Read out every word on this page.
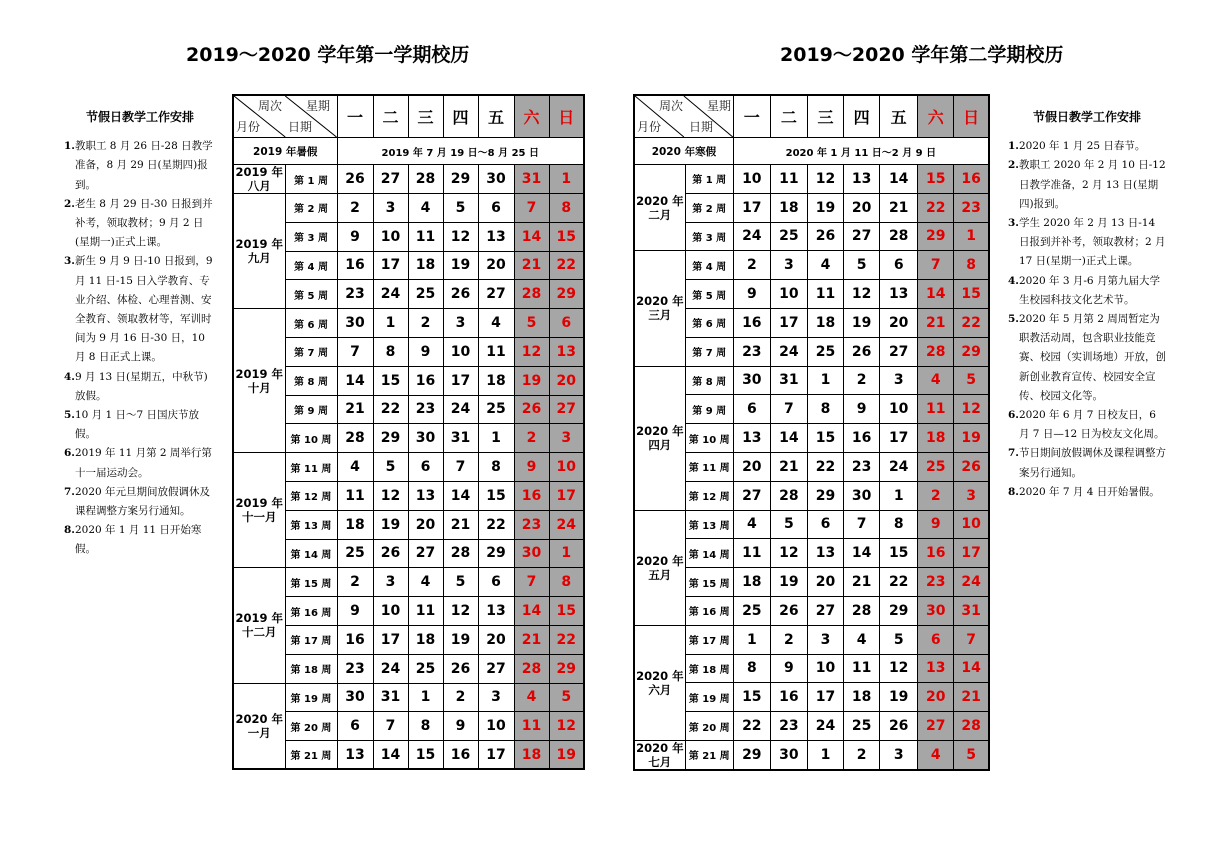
2019～2020 学年第一学期校历
节假日教学工作安排
1. 教职工 8 月 26 日-28 日教学准备，8 月 29 日(星期四)报到。
2. 老生 8 月 29 日-30 日报到并补考，领取教材；9 月 2 日(星期一)正式上课。
3. 新生 9 月 9 日-10 日报到，9 月 11 日-15 日入学教育、专业介绍、体检、心理普测、安全教育、领取教材等，军训时间为 9 月 16 日-30 日，10 月 8 日正式上课。
4. 9 月 13 日(星期五，中秋节)放假。
5. 10 月 1 日～7 日国庆节放假。
6. 2019 年 11 月第 2 周举行第十一届运动会。
7. 2020 年元旦期间放假调休及课程调整方案另行通知。
8. 2020 年 1 月 11 日开始寒假。
周次 星期
月份 日期		一	二	三	四	五	六	日
2019 年暑假		2019 年 7 月 19 日～8 月 25 日						
2019 年八月	第 1 周	26	27	28	29	30	31	1
2019 年九月	第 2 周	2	3	4	5	6	7	8
	第 3 周	9	10	11	12	13	14	15
	第 4 周	16	17	18	19	20	21	22
	第 5 周	23	24	25	26	27	28	29
2019 年十月	第 6 周	30	1	2	3	4	5	6
	第 7 周	7	8	9	10	11	12	13
	第 8 周	14	15	16	17	18	19	20
	第 9 周	21	22	23	24	25	26	27
	第 10 周	28	29	30	31	1	2	3
2019 年十一月	第 11 周	4	5	6	7	8	9	10
	第 12 周	11	12	13	14	15	16	17
	第 13 周	18	19	20	21	22	23	24
	第 14 周	25	26	27	28	29	30	1
2019 年十二月	第 15 周	2	3	4	5	6	7	8
	第 16 周	9	10	11	12	13	14	15
	第 17 周	16	17	18	19	20	21	22
	第 18 周	23	24	25	26	27	28	29
2020 年一月	第 19 周	30	31	1	2	3	4	5
	第 20 周	6	7	8	9	10	11	12
	第 21 周	13	14	15	16	17	18	19
2019～2020 学年第二学期校历
周次 星期
月份 日期		一	二	三	四	五	六	日
2020 年寒假		2020 年 1 月 11 日～2 月 9 日						
2020 年二月	第 1 周	10	11	12	13	14	15	16
	第 2 周	17	18	19	20	21	22	23
	第 3 周	24	25	26	27	28	29	1
2020 年三月	第 4 周	2	3	4	5	6	7	8
	第 5 周	9	10	11	12	13	14	15
	第 6 周	16	17	18	19	20	21	22
	第 7 周	23	24	25	26	27	28	29
2020 年四月	第 8 周	30	31	1	2	3	4	5
	第 9 周	6	7	8	9	10	11	12
	第 10 周	13	14	15	16	17	18	19
	第 11 周	20	21	22	23	24	25	26
	第 12 周	27	28	29	30	1	2	3
2020 年五月	第 13 周	4	5	6	7	8	9	10
	第 14 周	11	12	13	14	15	16	17
	第 15 周	18	19	20	21	22	23	24
	第 16 周	25	26	27	28	29	30	31
2020 年六月	第 17 周	1	2	3	4	5	6	7
	第 18 周	8	9	10	11	12	13	14
	第 19 周	15	16	17	18	19	20	21
	第 20 周	22	23	24	25	26	27	28
2020 年七月	第 21 周	29	30	1	2	3	4	5
节假日教学工作安排
1. 2020 年 1 月 25 日春节。
2. 教职工 2020 年 2 月 10 日-12 日教学准备，2 月 13 日(星期四)报到。
3. 学生 2020 年 2 月 13 日-14 日报到并补考，领取教材；2 月 17 日(星期一)正式上课。
4. 2020 年 3 月-6 月第九届大学生校园科技文化艺术节。
5. 2020 年 5 月第 2 周周暂定为职教活动周，包含职业技能竞赛、校园（实训场地）开放，创新创业教育宣传、校园安全宣传、校园文化等。
6. 2020 年 6 月 7 日校友日，6 月 7 日—12 日为校友文化周。
7. 节日期间放假调休及课程调整方案另行通知。
8. 2020 年 7 月 4 日开始暑假。
